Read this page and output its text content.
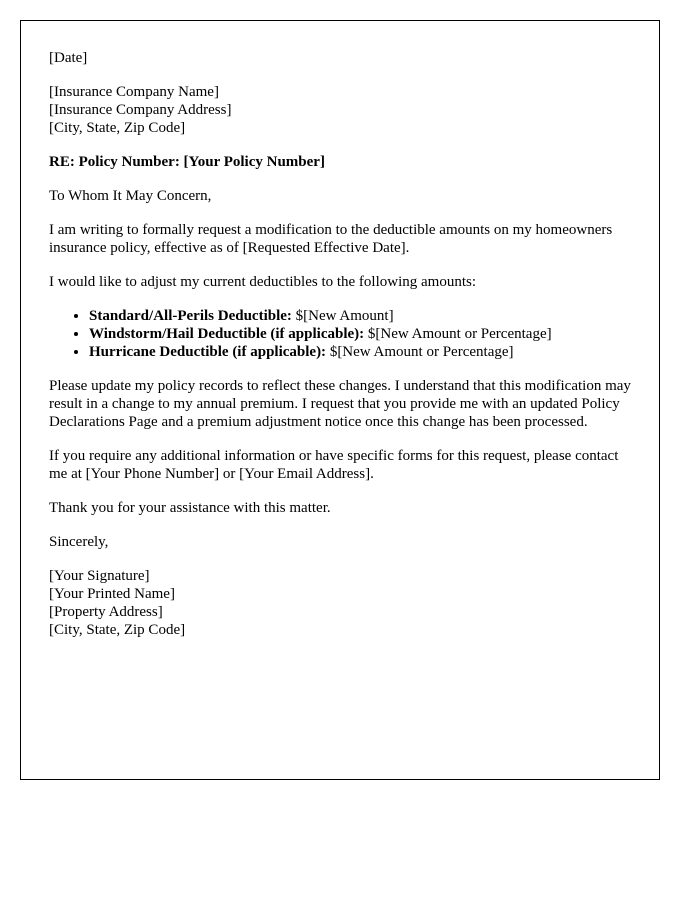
[Date]

[Insurance Company Name]
[Insurance Company Address]
[City, State, Zip Code]

RE: Policy Number: [Your Policy Number]

To Whom It May Concern,

I am writing to formally request a modification to the deductible amounts on my homeowners insurance policy, effective as of [Requested Effective Date].

I would like to adjust my current deductibles to the following amounts:

• Standard/All-Perils Deductible: $[New Amount]
• Windstorm/Hail Deductible (if applicable): $[New Amount or Percentage]
• Hurricane Deductible (if applicable): $[New Amount or Percentage]

Please update my policy records to reflect these changes. I understand that this modification may result in a change to my annual premium. I request that you provide me with an updated Policy Declarations Page and a premium adjustment notice once this change has been processed.

If you require any additional information or have specific forms for this request, please contact me at [Your Phone Number] or [Your Email Address].

Thank you for your assistance with this matter.

Sincerely,

[Your Signature]
[Your Printed Name]
[Property Address]
[City, State, Zip Code]
